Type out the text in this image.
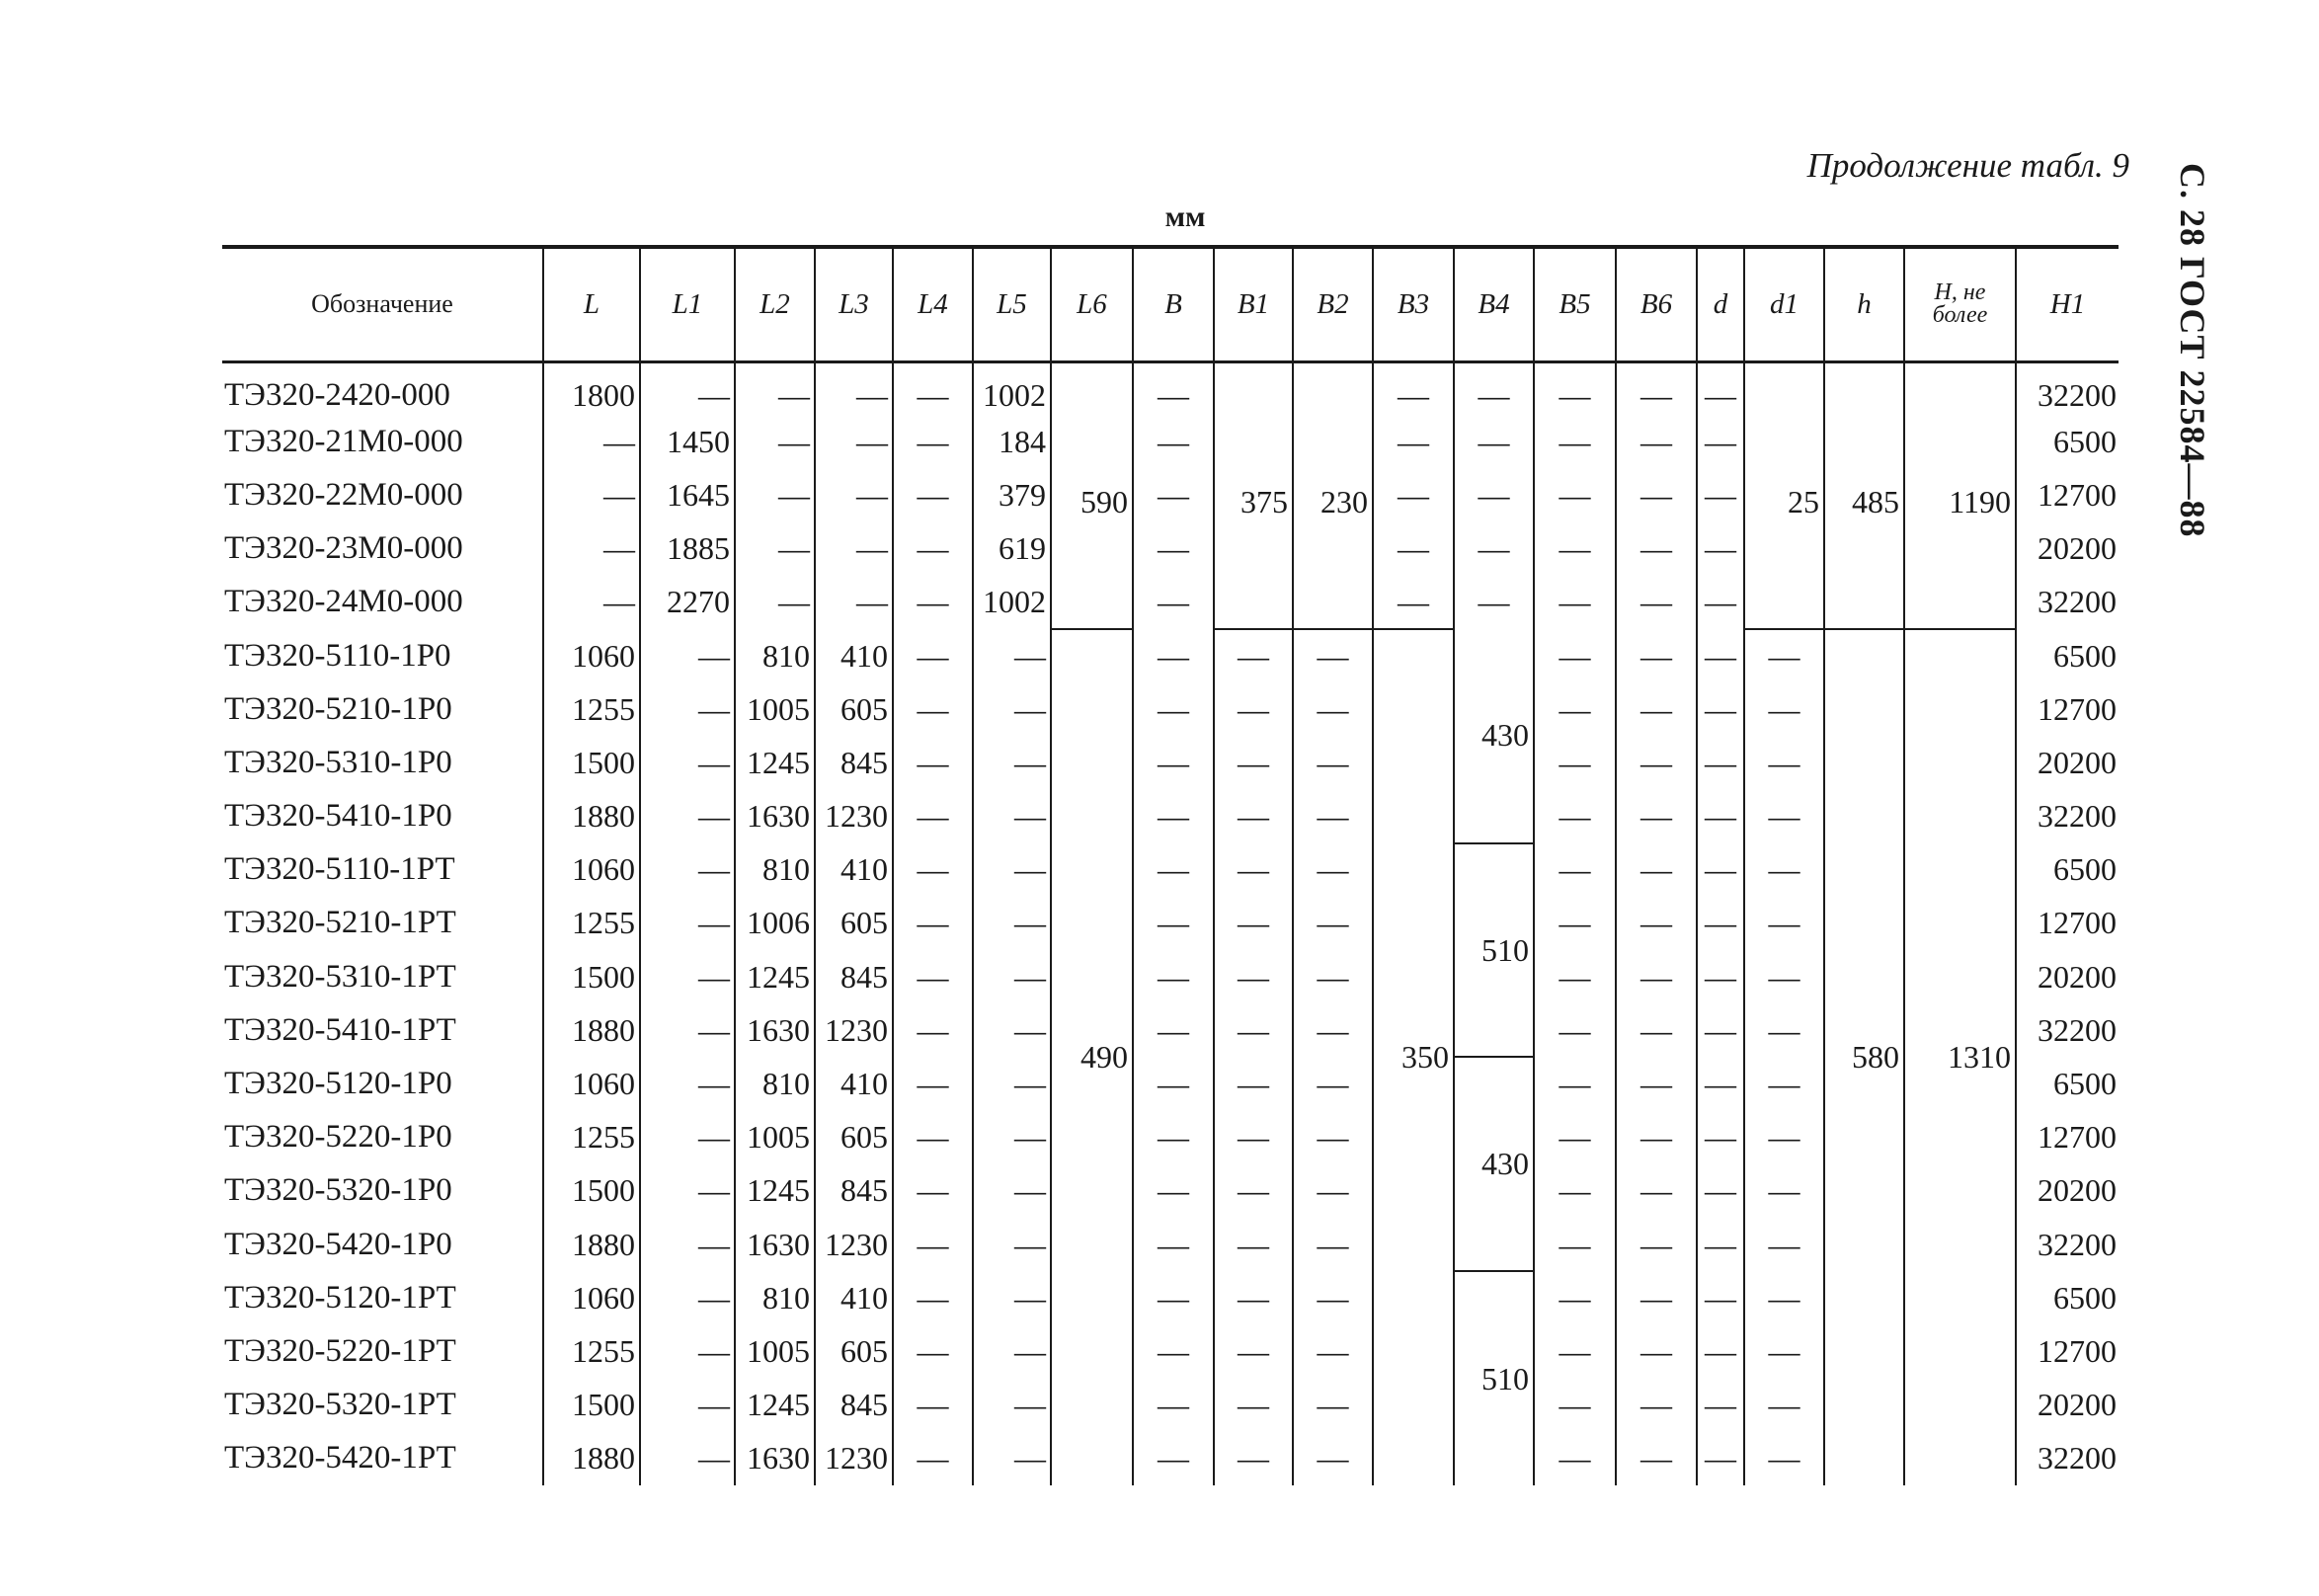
Продолжение табл. 9 С. 28 ГОСТ 22584—88
мм
Обозначение	L	L1	L2	L3	L4	L5	L6	B	B1	B2	B3	B4	B5	B6	d	d1	h	H, не более	H1
ТЭ320-2420-000	1800	—	—	—	—	1002	590	—	375	230	—	—	—	—	—	25	485	1190	32200
ТЭ320-21М0-000	—	1450	—	—	—	184		—			—	—	—	—	—				6500
ТЭ320-22М0-000	—	1645	—	—	—	379		—			—	—	—	—	—				12700
ТЭ320-23М0-000	—	1885	—	—	—	619		—			—	—	—	—	—				20200
ТЭ320-24М0-000	—	2270	—	—	—	1002		—			—	—	—	—	—				32200
ТЭ320-5110-1Р0	1060	—	810	410	—	—	490	—	—	—	350	430	—	—	—	—	580	1310	6500
ТЭ320-5210-1Р0	1255	—	1005	605	—	—		—	—	—			—	—	—	—			12700
ТЭ320-5310-1Р0	1500	—	1245	845	—	—		—	—	—			—	—	—	—			20200
ТЭ320-5410-1Р0	1880	—	1630	1230	—	—		—	—	—			—	—	—	—			32200
ТЭ320-5110-1РТ	1060	—	810	410	—	—		—	—	—		510	—	—	—	—			6500
ТЭ320-5210-1РТ	1255	—	1006	605	—	—		—	—	—			—	—	—	—			12700
ТЭ320-5310-1РТ	1500	—	1245	845	—	—		—	—	—			—	—	—	—			20200
ТЭ320-5410-1РТ	1880	—	1630	1230	—	—		—	—	—			—	—	—	—			32200
ТЭ320-5120-1Р0	1060	—	810	410	—	—		—	—	—		430	—	—	—	—			6500
ТЭ320-5220-1Р0	1255	—	1005	605	—	—		—	—	—			—	—	—	—			12700
ТЭ320-5320-1Р0	1500	—	1245	845	—	—		—	—	—			—	—	—	—			20200
ТЭ320-5420-1Р0	1880	—	1630	1230	—	—		—	—	—			—	—	—	—			32200
ТЭ320-5120-1РТ	1060	—	810	410	—	—		—	—	—		510	—	—	—	—			6500
ТЭ320-5220-1РТ	1255	—	1005	605	—	—		—	—	—			—	—	—	—			12700
ТЭ320-5320-1РТ	1500	—	1245	845	—	—		—	—	—			—	—	—	—			20200
ТЭ320-5420-1РТ	1880	—	1630	1230	—	—		—	—	—			—	—	—	—			32200
